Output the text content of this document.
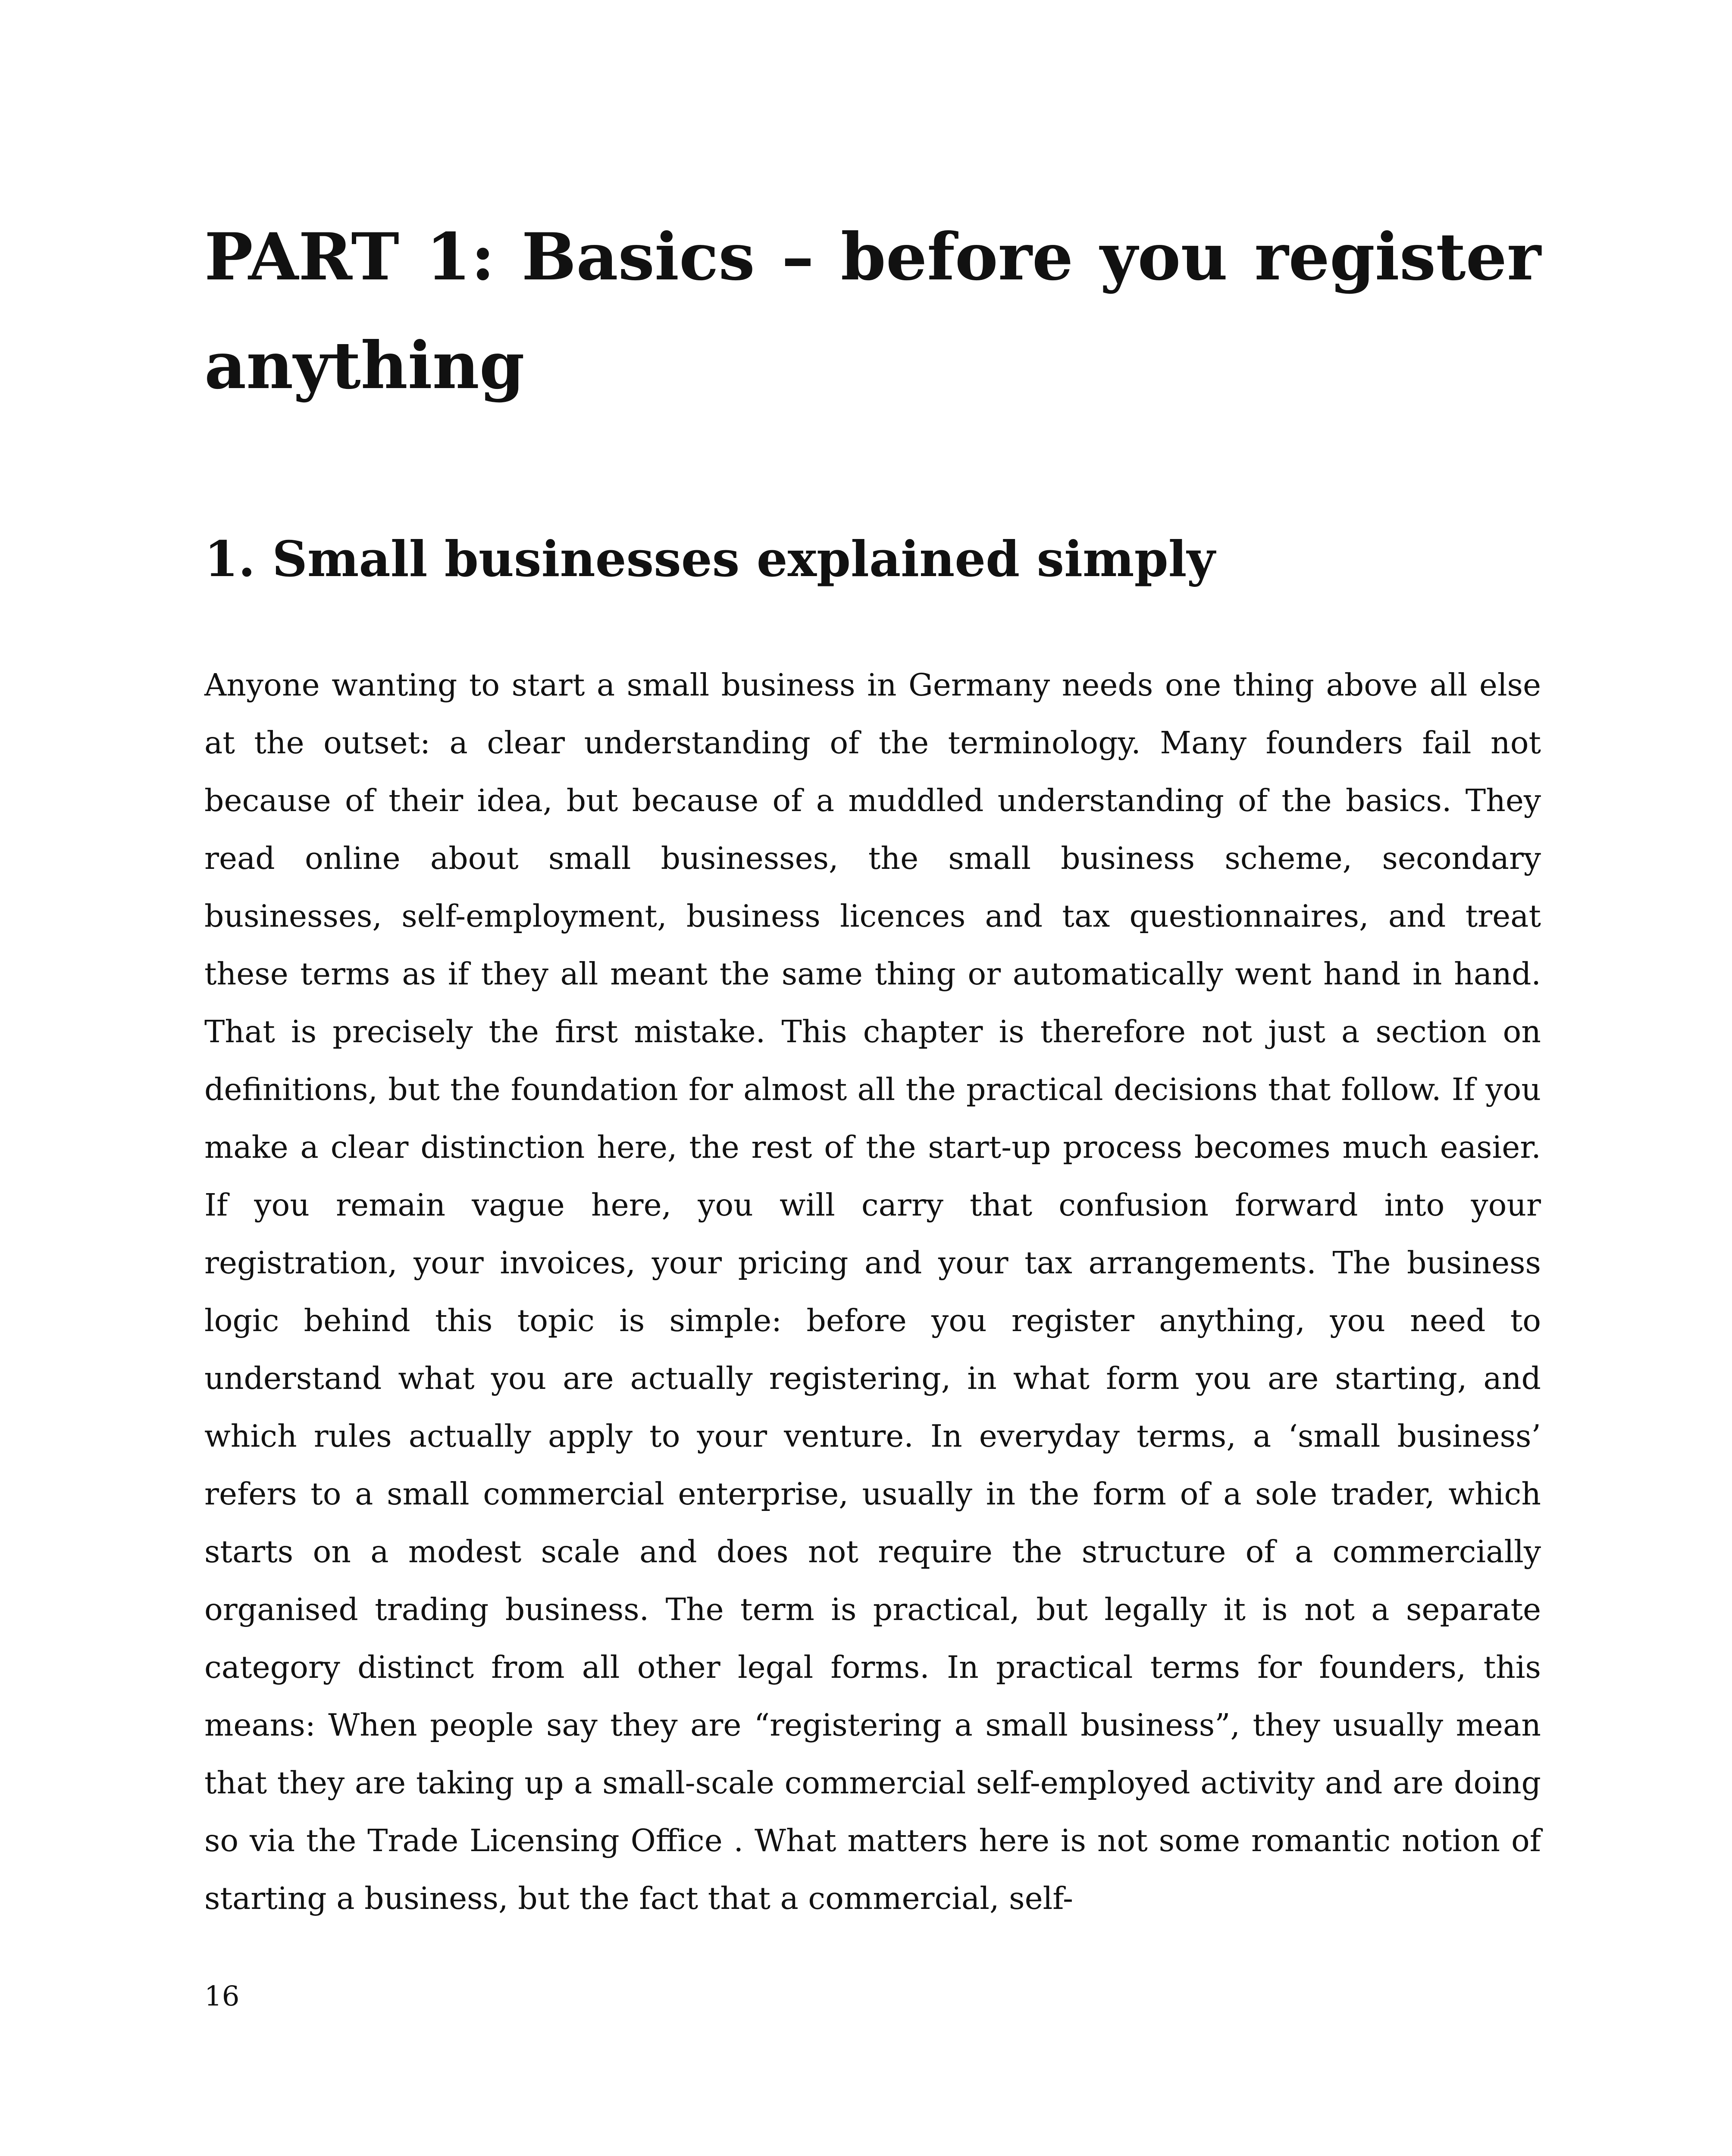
PART 1: Basics – before you register anything
1. Small businesses explained simply

Anyone wanting to start a small business in Germany needs one thing above all else at the outset: a clear understanding of the terminology. Many founders fail not because of their idea, but because of a muddled understanding of the basics. They read online about small businesses, the small business scheme, secondary businesses, self-employment, business licences and tax questionnaires, and treat these terms as if they all meant the same thing or automatically went hand in hand. That is precisely the first mistake. This chapter is therefore not just a section on definitions, but the foundation for almost all the practical decisions that follow. If you make a clear distinction here, the rest of the start-up process becomes much easier. If you remain vague here, you will carry that confusion forward into your registration, your invoices, your pricing and your tax arrangements. The business logic behind this topic is simple: before you register anything, you need to understand what you are actually registering, in what form you are starting, and which rules actually apply to your venture. In everyday terms, a ‘small business’ refers to a small commercial enterprise, usually in the form of a sole trader, which starts on a modest scale and does not require the structure of a commercially organised trading business. The term is practical, but legally it is not a separate category distinct from all other legal forms. In practical terms for founders, this means: When people say they are “registering a small business”, they usually mean that they are taking up a small-scale commercial self-employed activity and are doing so via the Trade Licensing Office . What matters here is not some romantic notion of starting a business, but the fact that a commercial, self-

16
